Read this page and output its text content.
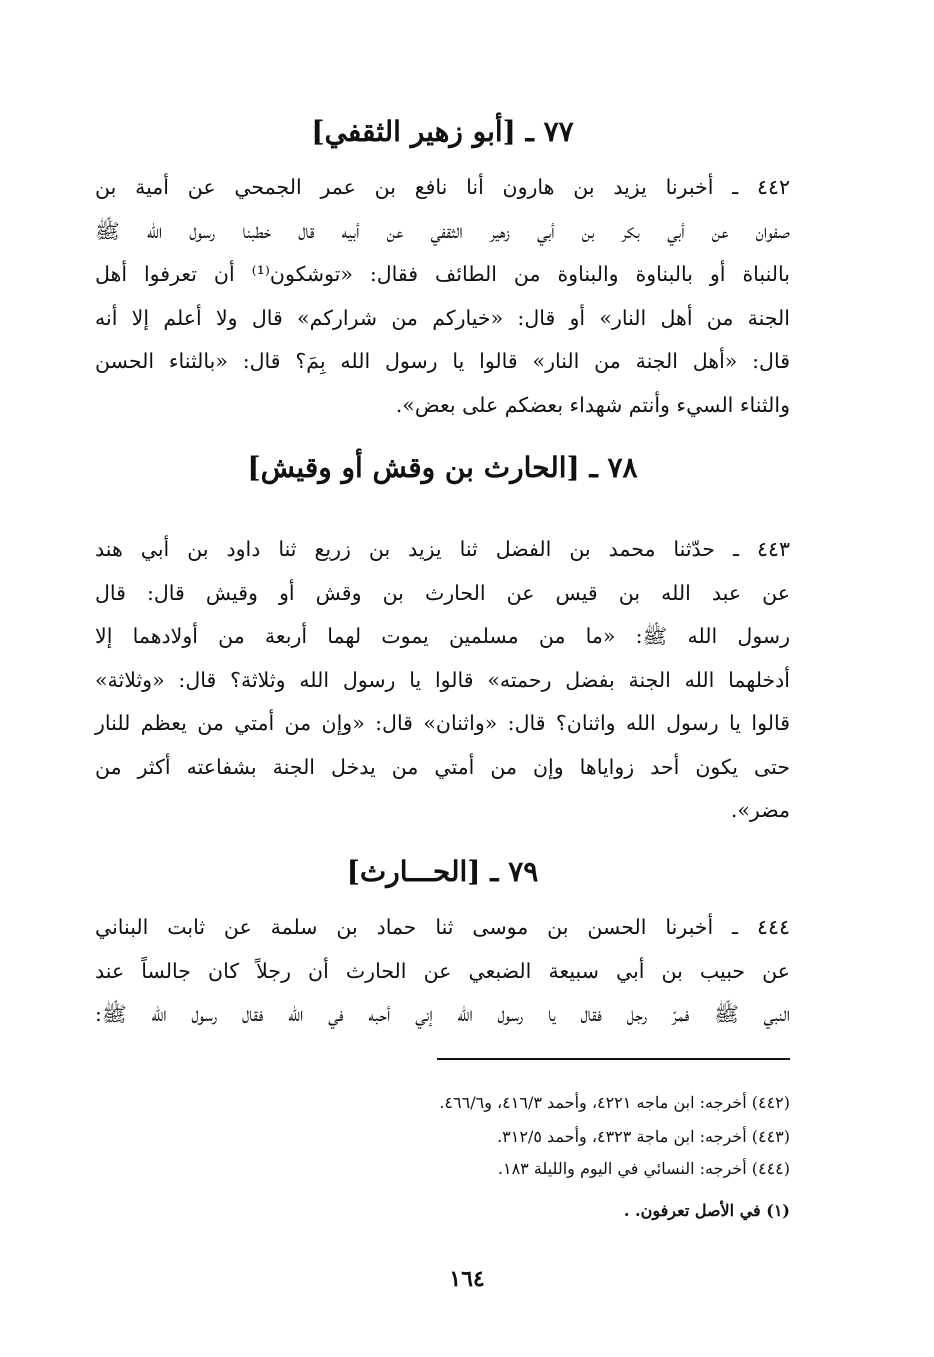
٧٧ ـ [أبو زهير الثقفي]
٤٤٢ ـ أخبرنا يزيد بن هارون أنا نافع بن عمر الجمحي عن أمية بن
صفوان عن أبي بكر بن أبي زهير الثقفي عن أبيه قال خطبنا رسول الله ﷺ
بالنباة أو بالبناوة والبناوة من الطائف فقال: «توشكون⁽¹⁾ أن تعرفوا أهل
الجنة من أهل النار» أو قال: «خياركم من شراركم» قال ولا أعلم إلا أنه
قال: «أهل الجنة من النار» قالوا يا رسول الله بِمَ؟ قال: «بالثناء الحسن
والثناء السيء وأنتم شهداء بعضكم على بعض».
٧٨ ـ [الحارث بن وقش أو وقيش]
٤٤٣ ـ حدّثنا محمد بن الفضل ثنا يزيد بن زريع ثنا داود بن أبي هند
عن عبد الله بن قيس عن الحارث بن وقش أو وقيش قال: قال
رسول الله ﷺ: «ما من مسلمين يموت لهما أربعة من أولادهما إلا
أدخلهما الله الجنة بفضل رحمته» قالوا يا رسول الله وثلاثة؟ قال: «وثلاثة»
قالوا يا رسول الله واثنان؟ قال: «واثنان» قال: «وإن من أمتي من يعظم للنار
حتى يكون أحد زواياها وإن من أمتي من يدخل الجنة بشفاعته أكثر من
مضر».
٧٩ ـ [الحـــارث]
٤٤٤ ـ أخبرنا الحسن بن موسى ثنا حماد بن سلمة عن ثابت البناني
عن حبيب بن أبي سبيعة الضبعي عن الحارث أن رجلاً كان جالساً عند
النبي ﷺ فمرّ رجل فقال يا رسول الله إني أحبه في الله فقال رسول الله ﷺ:
(٤٤٢) أخرجه: ابن ماجه ٤٢٢١، وأحمد ٤١٦/٣، و٤٦٦/٦.
(٤٤٣) أخرجه: ابن ماجة ٤٣٢٣، وأحمد ٣١٢/٥.
(٤٤٤) أخرجه: النسائي في اليوم والليلة ١٨٣.
(١) في الأصل تعرفون. .
١٦٤
